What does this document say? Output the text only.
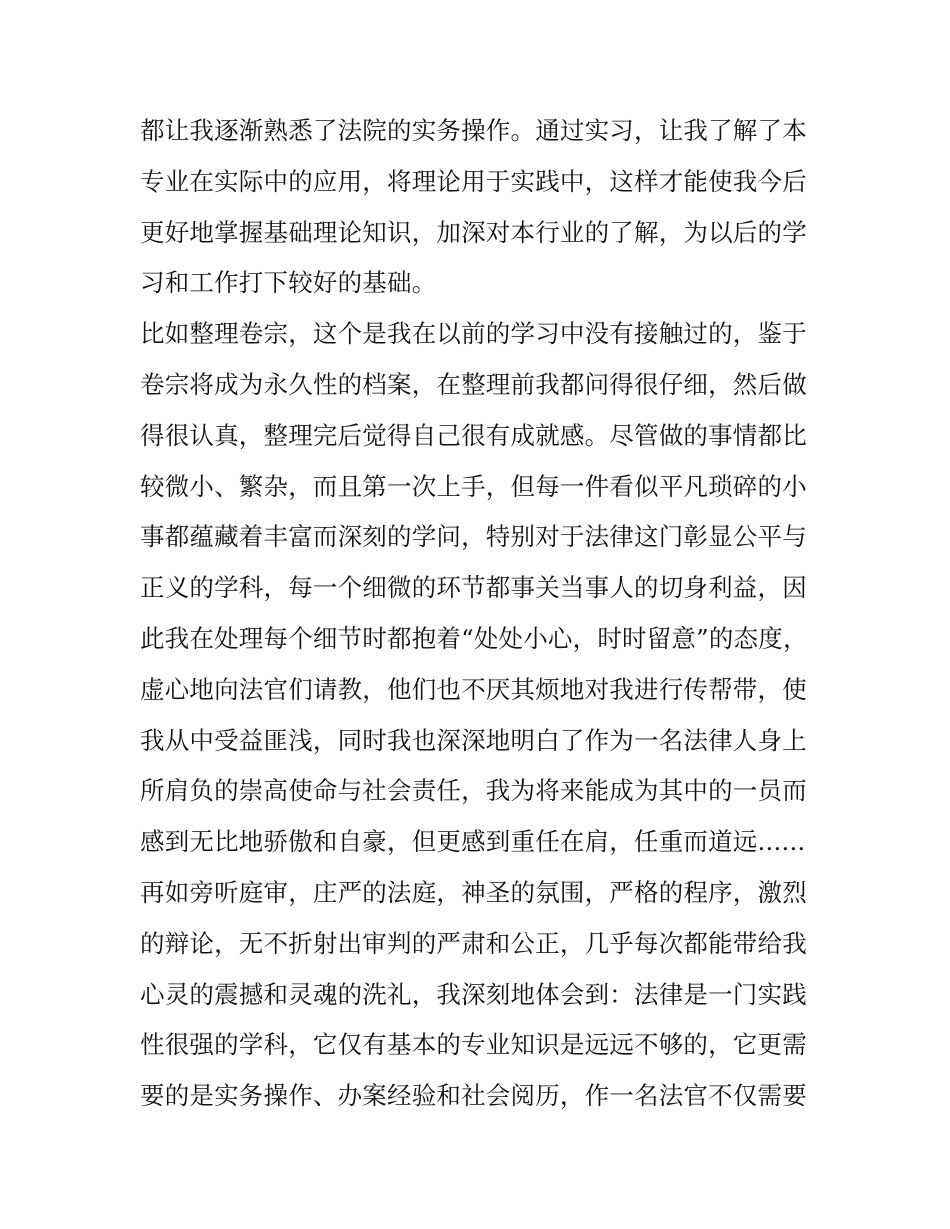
都让我逐渐熟悉了法院的实务操作。通过实习，让我了解了本
专业在实际中的应用，将理论用于实践中，这样才能使我今后
更好地掌握基础理论知识，加深对本行业的了解，为以后的学
习和工作打下较好的基础。
比如整理卷宗，这个是我在以前的学习中没有接触过的，鉴于
卷宗将成为永久性的档案，在整理前我都问得很仔细，然后做
得很认真，整理完后觉得自己很有成就感。尽管做的事情都比
较微小、繁杂，而且第一次上手，但每一件看似平凡琐碎的小
事都蕴藏着丰富而深刻的学问，特别对于法律这门彰显公平与
正义的学科，每一个细微的环节都事关当事人的切身利益，因
此我在处理每个细节时都抱着“处处小心，时时留意”的态度，
虚心地向法官们请教，他们也不厌其烦地对我进行传帮带，使
我从中受益匪浅，同时我也深深地明白了作为一名法律人身上
所肩负的崇高使命与社会责任，我为将来能成为其中的一员而
感到无比地骄傲和自豪，但更感到重任在肩，任重而道远......
再如旁听庭审，庄严的法庭，神圣的氛围，严格的程序，激烈
的辩论，无不折射出审判的严肃和公正，几乎每次都能带给我
心灵的震撼和灵魂的洗礼，我深刻地体会到：法律是一门实践
性很强的学科，它仅有基本的专业知识是远远不够的，它更需
要的是实务操作、办案经验和社会阅历，作一名法官不仅需要
